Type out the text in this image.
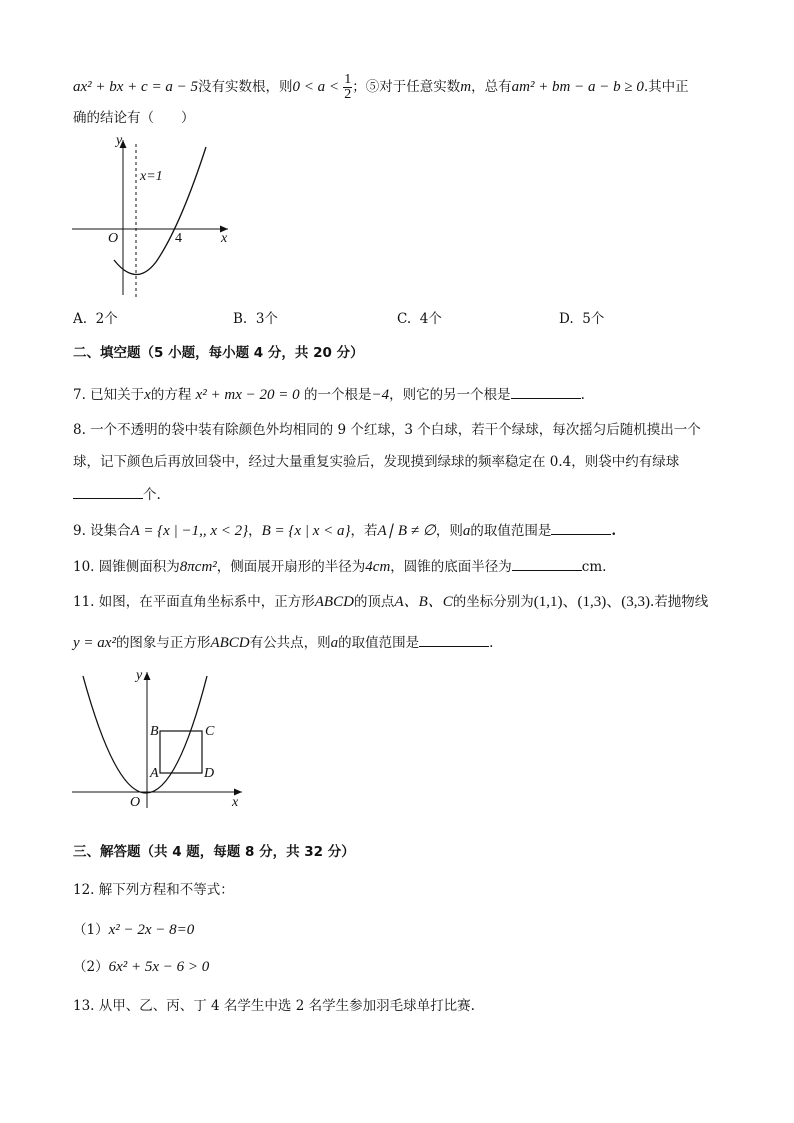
ax² + bx + c = a − 5没有实数根，则$0 < a < \frac{1}{2}$ ；⑤对于任意实数m，总有am² + bm − a − b ≥ 0.其中正
确的结论有（　　）
y
x
O
x=1
4
A. 2个	B. 3个	C. 4个	D. 5个
二、填空题（5 小题，每小题 4 分，共 20 分）
7. 已知关于x的方程 x² + mx − 20 = 0 的一个根是−4，则它的另一个根是	.
8. 一个不透明的袋中装有除颜色外均相同的 9 个红球，3 个白球，若干个绿球，每次摇匀后随机摸出一个
球，记下颜色后再放回袋中，经过大量重复实验后，发现摸到绿球的频率稳定在 0.4，则袋中约有绿球
个.
9. 设集合A = {x | −1,, x < 2}，B = {x | x < a}，若A∣ B ≠ ∅，则a的取值范围是	.
10. 圆锥侧面积为8πcm²，侧面展开扇形的半径为4cm，圆锥的底面半径为	cm.
11. 如图，在平面直角坐标系中，正方形ABCD的顶点A、B、C的坐标分别为(1,1)、(1,3)、(3,3).若抛物线
y = ax²的图象与正方形ABCD有公共点，则a的取值范围是	.
y
x
O
B	C
A	D
三、解答题（共 4 题，每题 8 分，共 32 分）
12. 解下列方程和不等式：
（1）x² − 2x − 8=0
（2）6x² + 5x − 6 > 0
13. 从甲、乙、丙、丁 4 名学生中选 2 名学生参加羽毛球单打比赛.
